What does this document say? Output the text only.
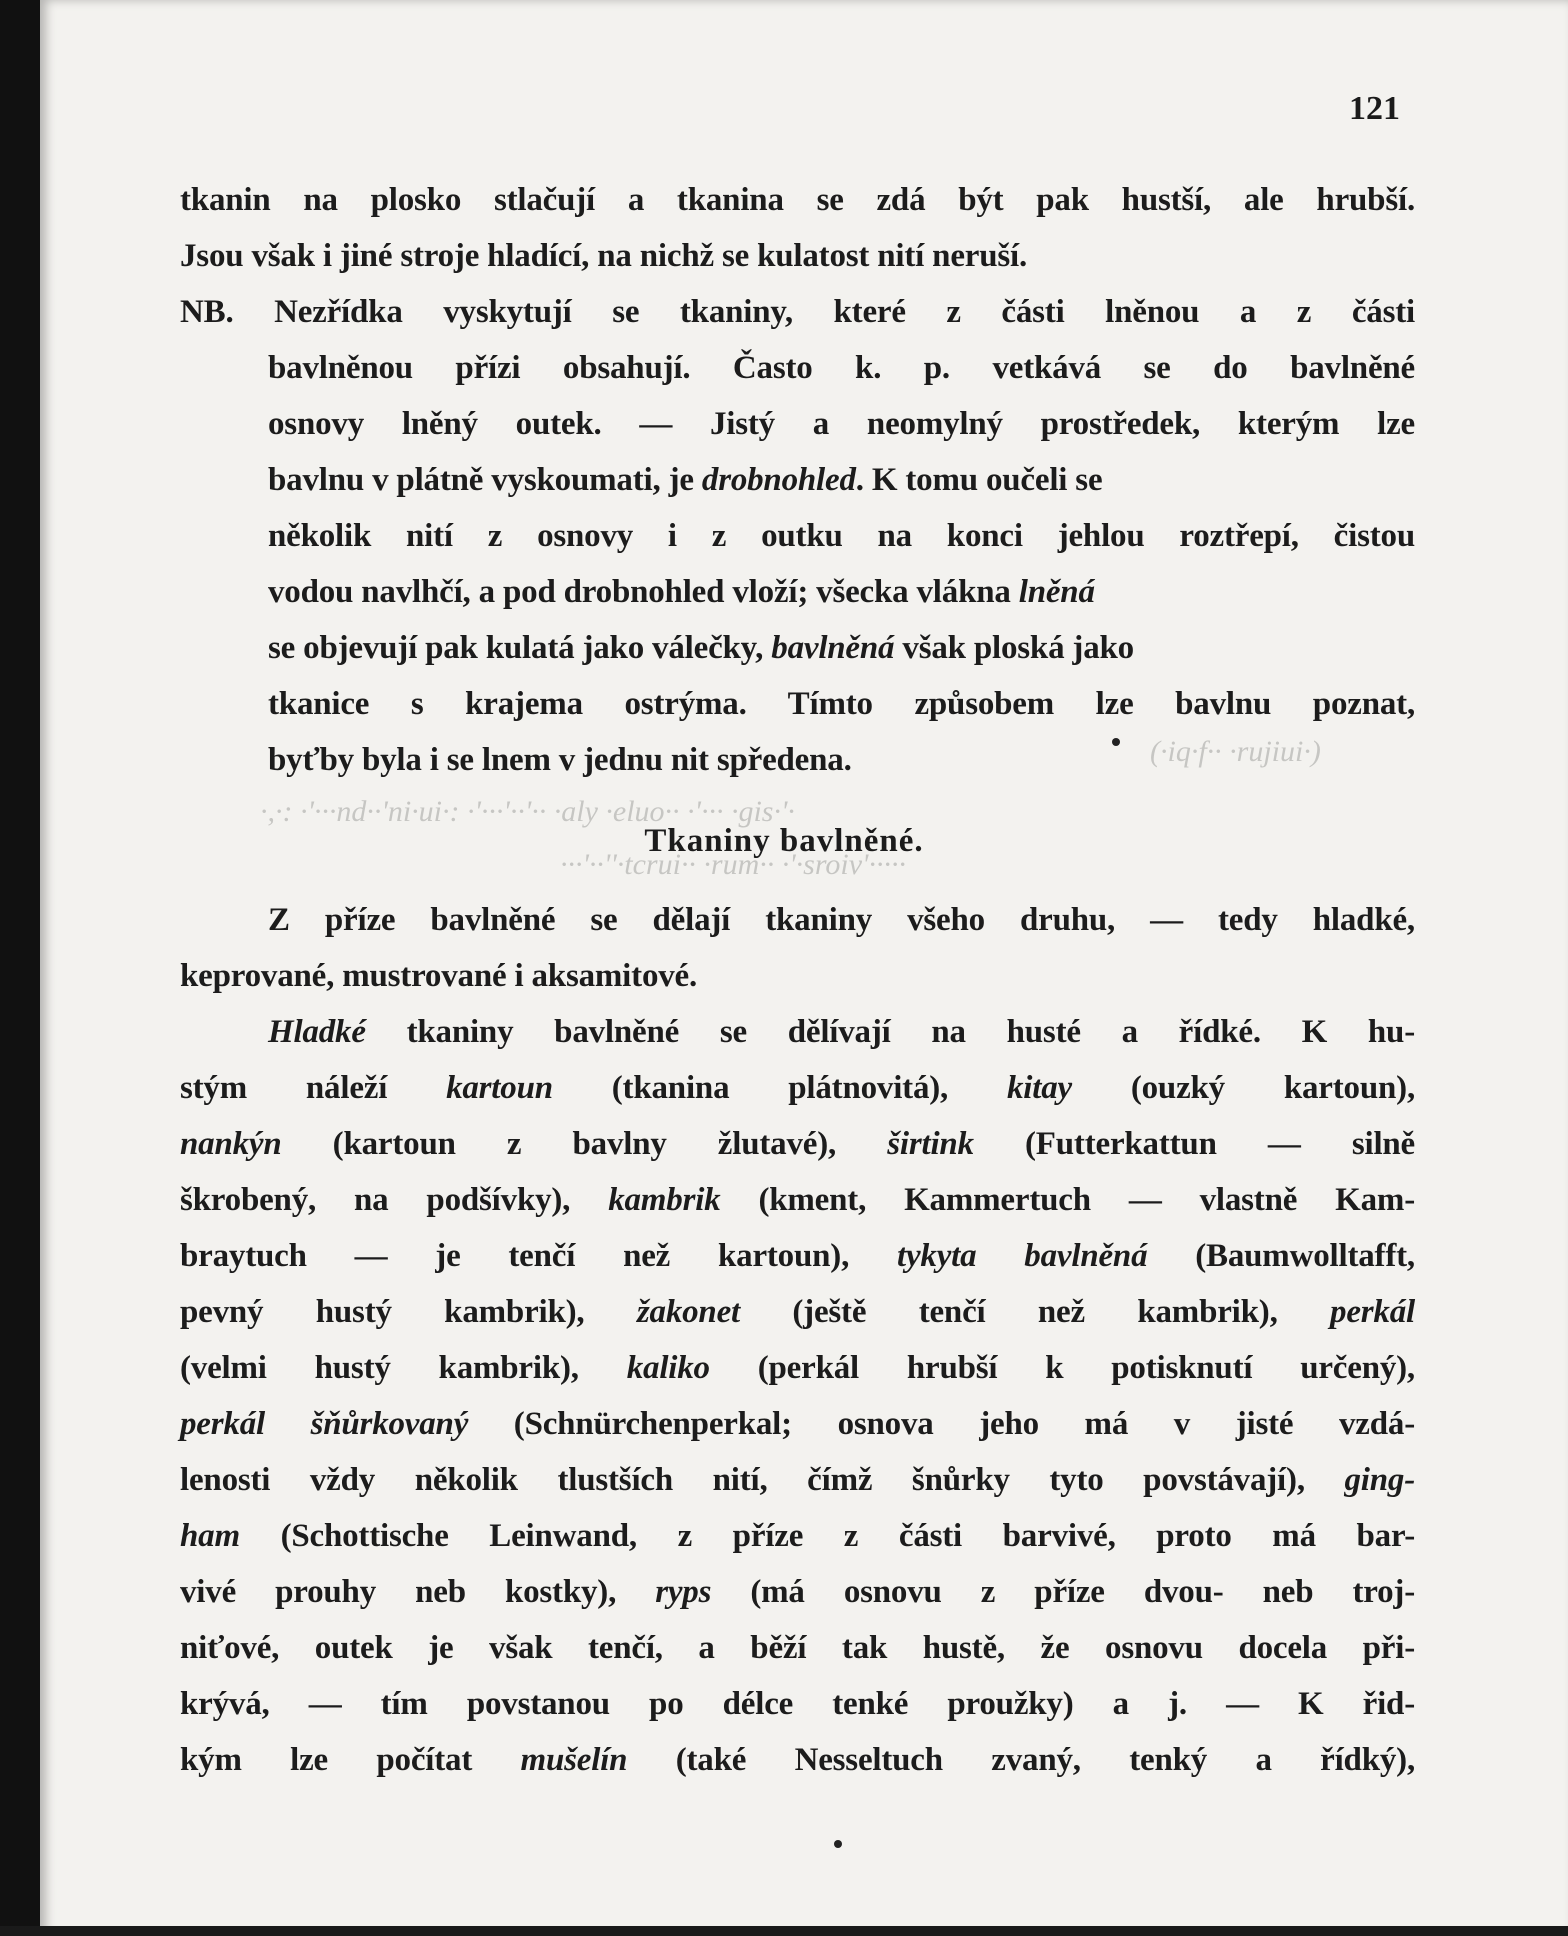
121
(·iq·f·· ·rujiui·)
·,·: ·'···nd··'ni·ui·: ·'···'··'·· ·aly ·eluo·· ·'··· ·gis·'·
···'··''·tcrui·· ·rum·· ·'·sroiv'·····
tkanin na plosko stlačují a tkanina se zdá být pak hustší, ale hrubší.
Jsou však i jiné stroje hladící, na nichž se kulatost nití neruší.
NB. Nezřídka vyskytují se tkaniny, které z části lněnou a z části
bavlněnou přízi obsahují. Často k. p. vetkává se do bavlněné
osnovy lněný outek. — Jistý a neomylný prostředek, kterým lze
bavlnu v plátně vyskoumati, je drobnohled. K tomu oučeli se
několik nití z osnovy i z outku na konci jehlou roztřepí, čistou
vodou navlhčí, a pod drobnohled vloží; všecka vlákna lněná
se objevují pak kulatá jako válečky, bavlněná však ploská jako
tkanice s krajema ostrýma. Tímto způsobem lze bavlnu poznat,
byťby byla i se lnem v jednu nit spředena.
Tkaniny bavlněné.
Z příze bavlněné se dělají tkaniny všeho druhu, — tedy hladké,
keprované, mustrované i aksamitové.
Hladké tkaniny bavlněné se dělívají na husté a řídké. K hu-
stým náleží kartoun (tkanina plátnovitá), kitay (ouzký kartoun),
nankýn (kartoun z bavlny žlutavé), širtink (Futterkattun — silně
škrobený, na podšívky), kambrik (kment, Kammertuch — vlastně Kam-
braytuch — je tenčí než kartoun), tykyta bavlněná (Baumwolltafft,
pevný hustý kambrik), žakonet (ještě tenčí než kambrik), perkál
(velmi hustý kambrik), kaliko (perkál hrubší k potisknutí určený),
perkál šňůrkovaný (Schnürchenperkal; osnova jeho má v jisté vzdá-
lenosti vždy několik tlustších nití, čímž šnůrky tyto povstávají), ging-
ham (Schottische Leinwand, z příze z části barvivé, proto má bar-
vivé prouhy neb kostky), ryps (má osnovu z příze dvou- neb troj-
niťové, outek je však tenčí, a běží tak hustě, že osnovu docela při-
krývá, — tím povstanou po délce tenké proužky) a j. — K řid-
kým lze počítat mušelín (také Nesseltuch zvaný, tenký a řídký),
